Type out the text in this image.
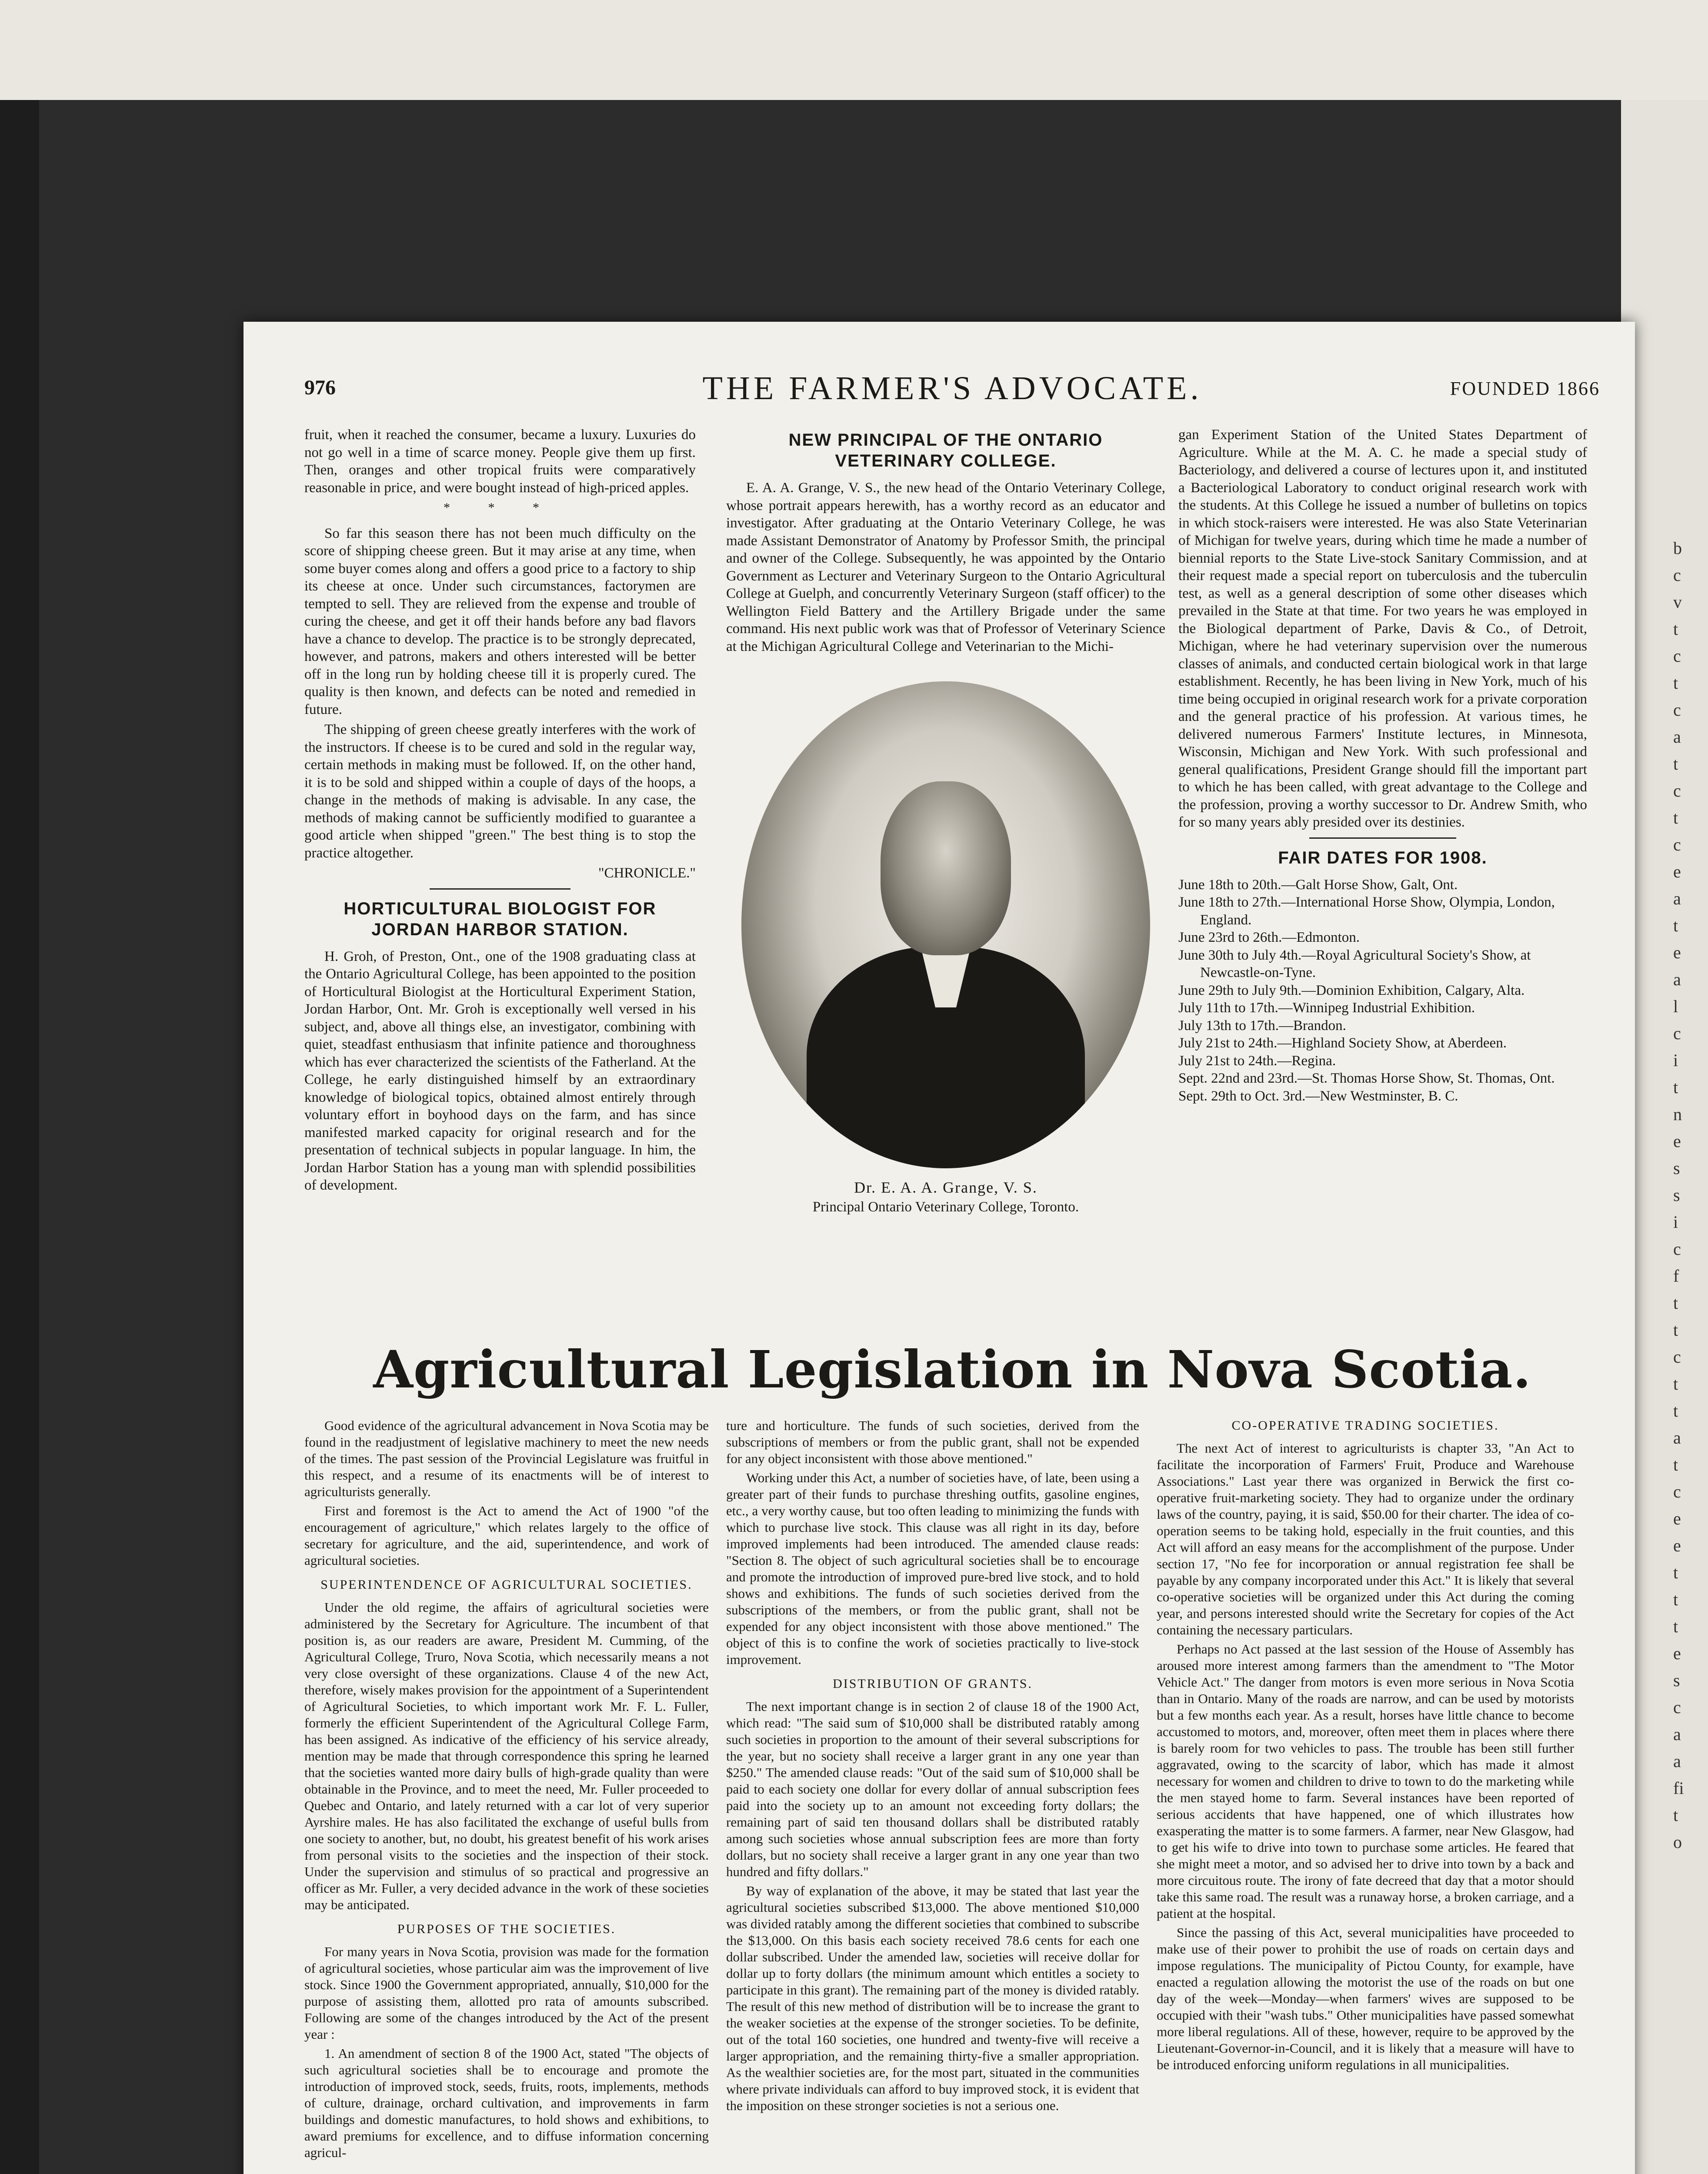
b
c
v
t
c
t
c
a
t
c
t
c
e
a
t
e
a
l
c
i
t
n
e
s
s
i
c
f
t
t
c
t
t
a
t
c
e
e
t
t
t
e
s
c
a
a
fi
t
o
976	THE FARMER'S ADVOCATE.	FOUNDED 1866

fruit, when it reached the consumer, became a luxury. Luxuries do not go well in a time of scarce money. People give them up first. Then, oranges and other tropical fruits were comparatively reasonable in price, and were bought instead of high-priced apples.

* * *

So far this season there has not been much difficulty on the score of shipping cheese green. But it may arise at any time, when some buyer comes along and offers a good price to a factory to ship its cheese at once. Under such circumstances, factorymen are tempted to sell. They are relieved from the expense and trouble of curing the cheese, and get it off their hands before any bad flavors have a chance to develop. The practice is to be strongly deprecated, however, and patrons, makers and others interested will be better off in the long run by holding cheese till it is properly cured. The quality is then known, and defects can be noted and remedied in future.

The shipping of green cheese greatly interferes with the work of the instructors. If cheese is to be cured and sold in the regular way, certain methods in making must be followed. If, on the other hand, it is to be sold and shipped within a couple of days of the hoops, a change in the methods of making is advisable. In any case, the methods of making cannot be sufficiently modified to guarantee a good article when shipped "green." The best thing is to stop the practice altogether.

"CHRONICLE."

HORTICULTURAL BIOLOGIST FOR JORDAN HARBOR STATION.

H. Groh, of Preston, Ont., one of the 1908 graduating class at the Ontario Agricultural College, has been appointed to the position of Horticultural Biologist at the Horticultural Experiment Station, Jordan Harbor, Ont. Mr. Groh is exceptionally well versed in his subject, and, above all things else, an investigator, combining with quiet, steadfast enthusiasm that infinite patience and thoroughness which has ever characterized the scientists of the Fatherland. At the College, he early distinguished himself by an extraordinary knowledge of biological topics, obtained almost entirely through voluntary effort in boyhood days on the farm, and has since manifested marked capacity for original research and for the presentation of technical subjects in popular language. In him, the Jordan Harbor Station has a young man with splendid possibilities of development.

NEW PRINCIPAL OF THE ONTARIO VETERINARY COLLEGE.

E. A. A. Grange, V. S., the new head of the Ontario Veterinary College, whose portrait appears herewith, has a worthy record as an educator and investigator. After graduating at the Ontario Veterinary College, he was made Assistant Demonstrator of Anatomy by Professor Smith, the principal and owner of the College. Subsequently, he was appointed by the Ontario Government as Lecturer and Veterinary Surgeon to the Ontario Agricultural College at Guelph, and concurrently Veterinary Surgeon (staff officer) to the Wellington Field Battery and the Artillery Brigade under the same command. His next public work was that of Professor of Veterinary Science at the Michigan Agricultural College and Veterinarian to the Michi-

Dr. E. A. A. Grange, V. S.
Principal Ontario Veterinary College, Toronto.

gan Experiment Station of the United States Department of Agriculture. While at the M. A. C. he made a special study of Bacteriology, and delivered a course of lectures upon it, and instituted a Bacteriological Laboratory to conduct original research work with the students. At this College he issued a number of bulletins on topics in which stock-raisers were interested. He was also State Veterinarian of Michigan for twelve years, during which time he made a number of biennial reports to the State Live-stock Sanitary Commission, and at their request made a special report on tuberculosis and the tuberculin test, as well as a general description of some other diseases which prevailed in the State at that time. For two years he was employed in the Biological department of Parke, Davis & Co., of Detroit, Michigan, where he had veterinary supervision over the numerous classes of animals, and conducted certain biological work in that large establishment. Recently, he has been living in New York, much of his time being occupied in original research work for a private corporation and the general practice of his profession. At various times, he delivered numerous Farmers' Institute lectures, in Minnesota, Wisconsin, Michigan and New York. With such professional and general qualifications, President Grange should fill the important part to which he has been called, with great advantage to the College and the profession, proving a worthy successor to Dr. Andrew Smith, who for so many years ably presided over its destinies.

FAIR DATES FOR 1908.
June 18th to 20th.—Galt Horse Show, Galt, Ont.
June 18th to 27th.—International Horse Show, Olympia, London, England.
June 23rd to 26th.—Edmonton.
June 30th to July 4th.—Royal Agricultural Society's Show, at Newcastle-on-Tyne.
June 29th to July 9th.—Dominion Exhibition, Calgary, Alta.
July 11th to 17th.—Winnipeg Industrial Exhibition.
July 13th to 17th.—Brandon.
July 21st to 24th.—Highland Society Show, at Aberdeen.
July 21st to 24th.—Regina.
Sept. 22nd and 23rd.—St. Thomas Horse Show, St. Thomas, Ont.
Sept. 29th to Oct. 3rd.—New Westminster, B. C.
Agricultural Legislation in Nova Scotia.

Good evidence of the agricultural advancement in Nova Scotia may be found in the readjustment of legislative machinery to meet the new needs of the times. The past session of the Provincial Legislature was fruitful in this respect, and a resume of its enactments will be of interest to agriculturists generally.

First and foremost is the Act to amend the Act of 1900 "of the encouragement of agriculture," which relates largely to the office of secretary for agriculture, and the aid, superintendence, and work of agricultural societies.

SUPERINTENDENCE OF AGRICULTURAL SOCIETIES.

Under the old regime, the affairs of agricultural societies were administered by the Secretary for Agriculture. The incumbent of that position is, as our readers are aware, President M. Cumming, of the Agricultural College, Truro, Nova Scotia, which necessarily means a not very close oversight of these organizations. Clause 4 of the new Act, therefore, wisely makes provision for the appointment of a Superintendent of Agricultural Societies, to which important work Mr. F. L. Fuller, formerly the efficient Superintendent of the Agricultural College Farm, has been assigned. As indicative of the efficiency of his service already, mention may be made that through correspondence this spring he learned that the societies wanted more dairy bulls of high-grade quality than were obtainable in the Province, and to meet the need, Mr. Fuller proceeded to Quebec and Ontario, and lately returned with a car lot of very superior Ayrshire males. He has also facilitated the exchange of useful bulls from one society to another, but, no doubt, his greatest benefit of his work arises from personal visits to the societies and the inspection of their stock. Under the supervision and stimulus of so practical and progressive an officer as Mr. Fuller, a very decided advance in the work of these societies may be anticipated.

PURPOSES OF THE SOCIETIES.

For many years in Nova Scotia, provision was made for the formation of agricultural societies, whose particular aim was the improvement of live stock. Since 1900 the Government appropriated, annually, $10,000 for the purpose of assisting them, allotted pro rata of amounts subscribed. Following are some of the changes introduced by the Act of the present year :

1. An amendment of section 8 of the 1900 Act, stated "The objects of such agricultural societies shall be to encourage and promote the introduction of improved stock, seeds, fruits, roots, implements, methods of culture, drainage, orchard cultivation, and improvements in farm buildings and domestic manufactures, to hold shows and exhibitions, to award premiums for excellence, and to diffuse information concerning agricul-

ture and horticulture. The funds of such societies, derived from the subscriptions of members or from the public grant, shall not be expended for any object inconsistent with those above mentioned."

Working under this Act, a number of societies have, of late, been using a greater part of their funds to purchase threshing outfits, gasoline engines, etc., a very worthy cause, but too often leading to minimizing the funds with which to purchase live stock. This clause was all right in its day, before improved implements had been introduced. The amended clause reads: "Section 8. The object of such agricultural societies shall be to encourage and promote the introduction of improved pure-bred live stock, and to hold shows and exhibitions. The funds of such societies derived from the subscriptions of the members, or from the public grant, shall not be expended for any object inconsistent with those above mentioned." The object of this is to confine the work of societies practically to live-stock improvement.

DISTRIBUTION OF GRANTS.

The next important change is in section 2 of clause 18 of the 1900 Act, which read: "The said sum of $10,000 shall be distributed ratably among such societies in proportion to the amount of their several subscriptions for the year, but no society shall receive a larger grant in any one year than $250." The amended clause reads: "Out of the said sum of $10,000 shall be paid to each society one dollar for every dollar of annual subscription fees paid into the society up to an amount not exceeding forty dollars; the remaining part of said ten thousand dollars shall be distributed ratably among such societies whose annual subscription fees are more than forty dollars, but no society shall receive a larger grant in any one year than two hundred and fifty dollars."

By way of explanation of the above, it may be stated that last year the agricultural societies subscribed $13,000. The above mentioned $10,000 was divided ratably among the different societies that combined to subscribe the $13,000. On this basis each society received 78.6 cents for each one dollar subscribed. Under the amended law, societies will receive dollar for dollar up to forty dollars (the minimum amount which entitles a society to participate in this grant). The remaining part of the money is divided ratably. The result of this new method of distribution will be to increase the grant to the weaker societies at the expense of the stronger societies. To be definite, out of the total 160 societies, one hundred and twenty-five will receive a larger appropriation, and the remaining thirty-five a smaller appropriation. As the wealthier societies are, for the most part, situated in the communities where private individuals can afford to buy improved stock, it is evident that the imposition on these stronger societies is not a serious one.

CO-OPERATIVE TRADING SOCIETIES.

The next Act of interest to agriculturists is chapter 33, "An Act to facilitate the incorporation of Farmers' Fruit, Produce and Warehouse Associations." Last year there was organized in Berwick the first co-operative fruit-marketing society. They had to organize under the ordinary laws of the country, paying, it is said, $50.00 for their charter. The idea of co-operation seems to be taking hold, especially in the fruit counties, and this Act will afford an easy means for the accomplishment of the purpose. Under section 17, "No fee for incorporation or annual registration fee shall be payable by any company incorporated under this Act." It is likely that several co-operative societies will be organized under this Act during the coming year, and persons interested should write the Secretary for copies of the Act containing the necessary particulars.

Perhaps no Act passed at the last session of the House of Assembly has aroused more interest among farmers than the amendment to "The Motor Vehicle Act." The danger from motors is even more serious in Nova Scotia than in Ontario. Many of the roads are narrow, and can be used by motorists but a few months each year. As a result, horses have little chance to become accustomed to motors, and, moreover, often meet them in places where there is barely room for two vehicles to pass. The trouble has been still further aggravated, owing to the scarcity of labor, which has made it almost necessary for women and children to drive to town to do the marketing while the men stayed home to farm. Several instances have been reported of serious accidents that have happened, one of which illustrates how exasperating the matter is to some farmers. A farmer, near New Glasgow, had to get his wife to drive into town to purchase some articles. He feared that she might meet a motor, and so advised her to drive into town by a back and more circuitous route. The irony of fate decreed that day that a motor should take this same road. The result was a runaway horse, a broken carriage, and a patient at the hospital.

Since the passing of this Act, several municipalities have proceeded to make use of their power to prohibit the use of roads on certain days and impose regulations. The municipality of Pictou County, for example, have enacted a regulation allowing the motorist the use of the roads on but one day of the week—Monday—when farmers' wives are supposed to be occupied with their "wash tubs." Other municipalities have passed somewhat more liberal regulations. All of these, however, require to be approved by the Lieutenant-Governor-in-Council, and it is likely that a measure will have to be introduced enforcing uniform regulations in all municipalities.
